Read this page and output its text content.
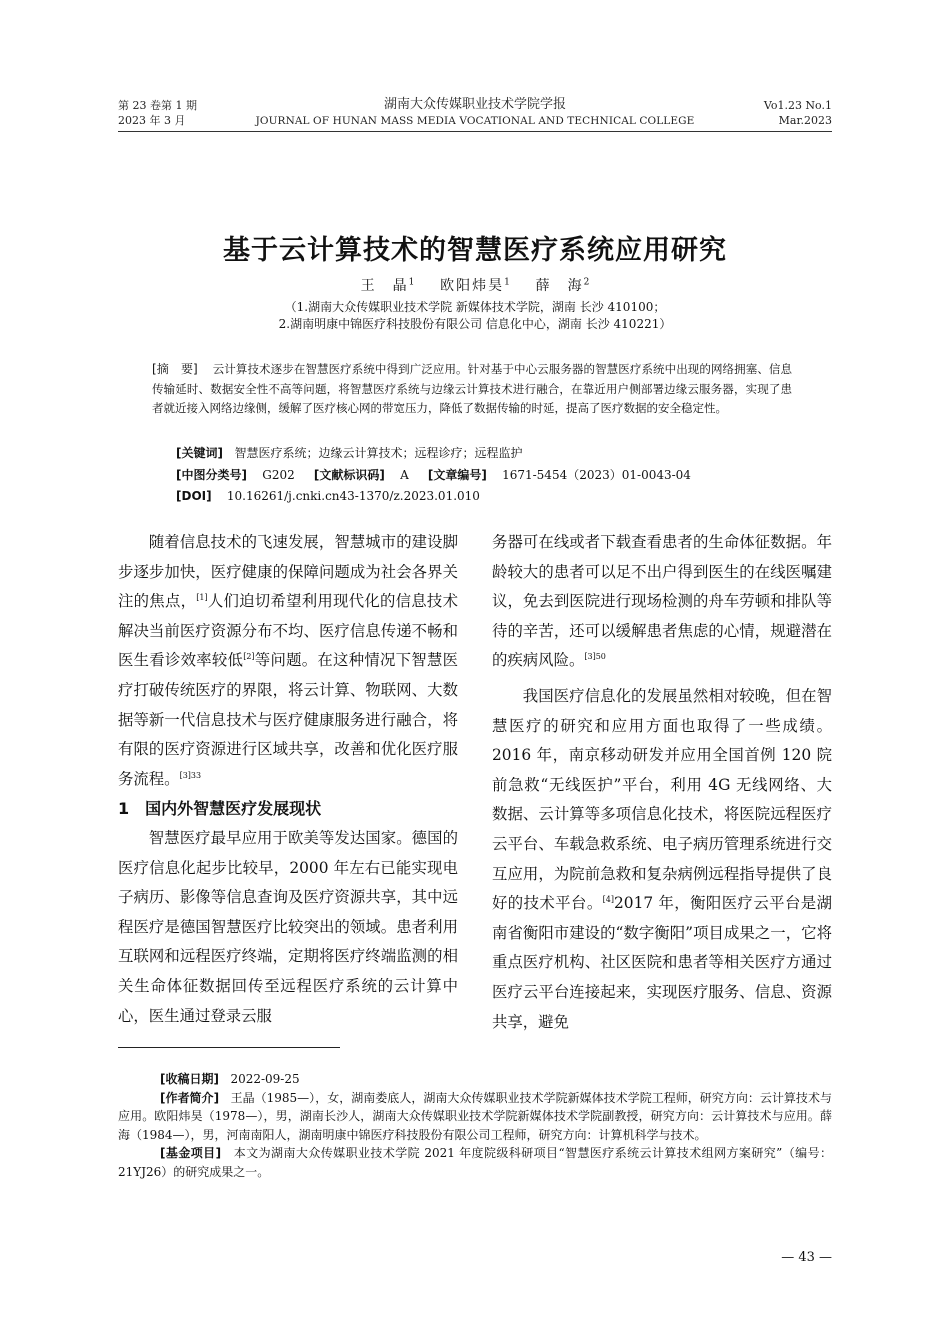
第 23 卷第 1 期
2023 年 3 月
湖南大众传媒职业技术学院学报
JOURNAL OF HUNAN MASS MEDIA VOCATIONAL AND TECHNICAL COLLEGE
Vo1.23 No.1
Mar.2023
基于云计算技术的智慧医疗系统应用研究
王　晶$^1$ 欧阳炜昊$^1$ 薛　海$^2$
（1.湖南大众传媒职业技术学院 新媒体技术学院，湖南 长沙 410100；
2.湖南明康中锦医疗科技股份有限公司 信息化中心，湖南 长沙 410221）
[摘　要] 云计算技术逐步在智慧医疗系统中得到广泛应用。针对基于中心云服务器的智慧医疗系统中出现的网络拥塞、信息传输延时、数据安全性不高等问题，将智慧医疗系统与边缘云计算技术进行融合，在靠近用户侧部署边缘云服务器，实现了患者就近接入网络边缘侧，缓解了医疗核心网的带宽压力，降低了数据传输的时延，提高了医疗数据的安全稳定性。
[关键词] 智慧医疗系统；边缘云计算技术；远程诊疗；远程监护
[中图分类号] G202 [文献标识码] A [文章编号] 1671-5454（2023）01-0043-04
[DOI] 10.16261/j.cnki.cn43-1370/z.2023.01.010

随着信息技术的飞速发展，智慧城市的建设脚步逐步加快，医疗健康的保障问题成为社会各界关注的焦点，[1]人们迫切希望利用现代化的信息技术解决当前医疗资源分布不均、医疗信息传递不畅和医生看诊效率较低[2]等问题。在这种情况下智慧医疗打破传统医疗的界限，将云计算、物联网、大数据等新一代信息技术与医疗健康服务进行融合，将有限的医疗资源进行区域共享，改善和优化医疗服务流程。$^{[3]33}$

1　国内外智慧医疗发展现状

智慧医疗最早应用于欧美等发达国家。德国的医疗信息化起步比较早，2000 年左右已能实现电子病历、影像等信息查询及医疗资源共享，其中远程医疗是德国智慧医疗比较突出的领域。患者利用互联网和远程医疗终端，定期将医疗终端监测的相关生命体征数据回传至远程医疗系统的云计算中心，医生通过登录云服

务器可在线或者下载查看患者的生命体征数据。年龄较大的患者可以足不出户得到医生的在线医嘱建议，免去到医院进行现场检测的舟车劳顿和排队等待的辛苦，还可以缓解患者焦虑的心情，规避潜在的疾病风险。$^{[3]50}$

我国医疗信息化的发展虽然相对较晚，但在智慧医疗的研究和应用方面也取得了一些成绩。2016 年，南京移动研发并应用全国首例 120 院前急救“无线医护”平台，利用 4G 无线网络、大数据、云计算等多项信息化技术，将医院远程医疗云平台、车载急救系统、电子病历管理系统进行交互应用，为院前急救和复杂病例远程指导提供了良好的技术平台。[4]2017 年，衡阳医疗云平台是湖南省衡阳市建设的“数字衡阳”项目成果之一，它将重点医疗机构、社区医院和患者等相关医疗方通过医疗云平台连接起来，实现医疗服务、信息、资源共享，避免

[收稿日期] 2022-09-25

[作者简介] 王晶（1985—），女，湖南娄底人，湖南大众传媒职业技术学院新媒体技术学院工程师，研究方向：云计算技术与应用。欧阳炜昊（1978—），男，湖南长沙人，湖南大众传媒职业技术学院新媒体技术学院副教授，研究方向：云计算技术与应用。薛海（1984—），男，河南南阳人，湖南明康中锦医疗科技股份有限公司工程师，研究方向：计算机科学与技术。

[基金项目] 本文为湖南大众传媒职业技术学院 2021 年度院级科研项目“智慧医疗系统云计算技术组网方案研究”（编号：21YJ26）的研究成果之一。

— 43 —
